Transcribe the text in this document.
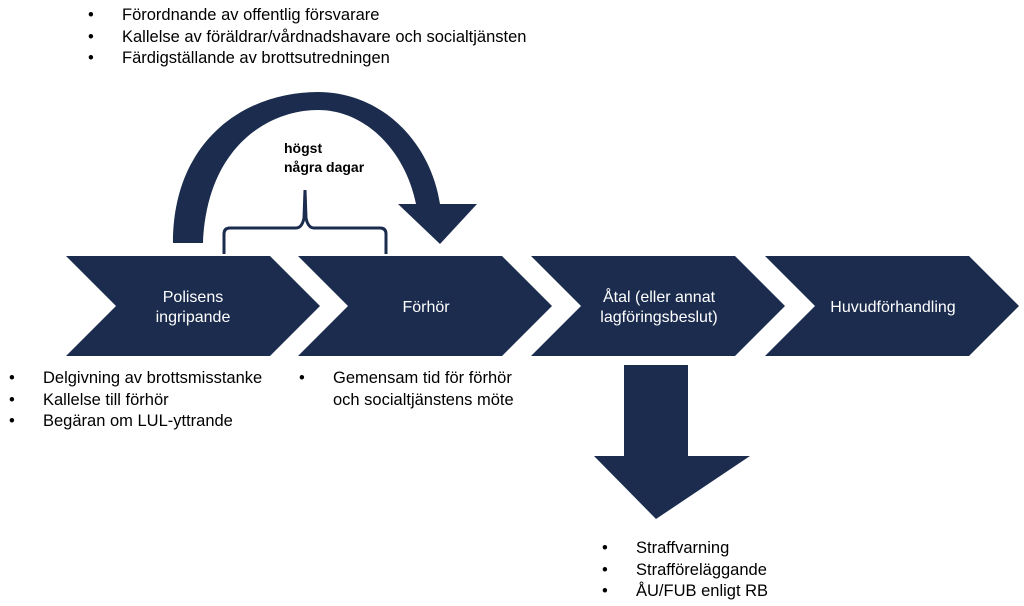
högst
några dagar
Polisens
ingripande
Förhör
Åtal (eller annat
lagföringsbeslut)
Huvudförhandling
• Förordnande av offentlig försvarare
• Kallelse av föräldrar/vårdnadshavare och socialtjänsten
• Färdigställande av brottsutredningen
• Delgivning av brottsmisstanke
• Kallelse till förhör
• Begäran om LUL-yttrande
• Gemensam tid för förhör
och socialtjänstens möte
• Straffvarning
• Strafföreläggande
• ÅU/FUB enligt RB
